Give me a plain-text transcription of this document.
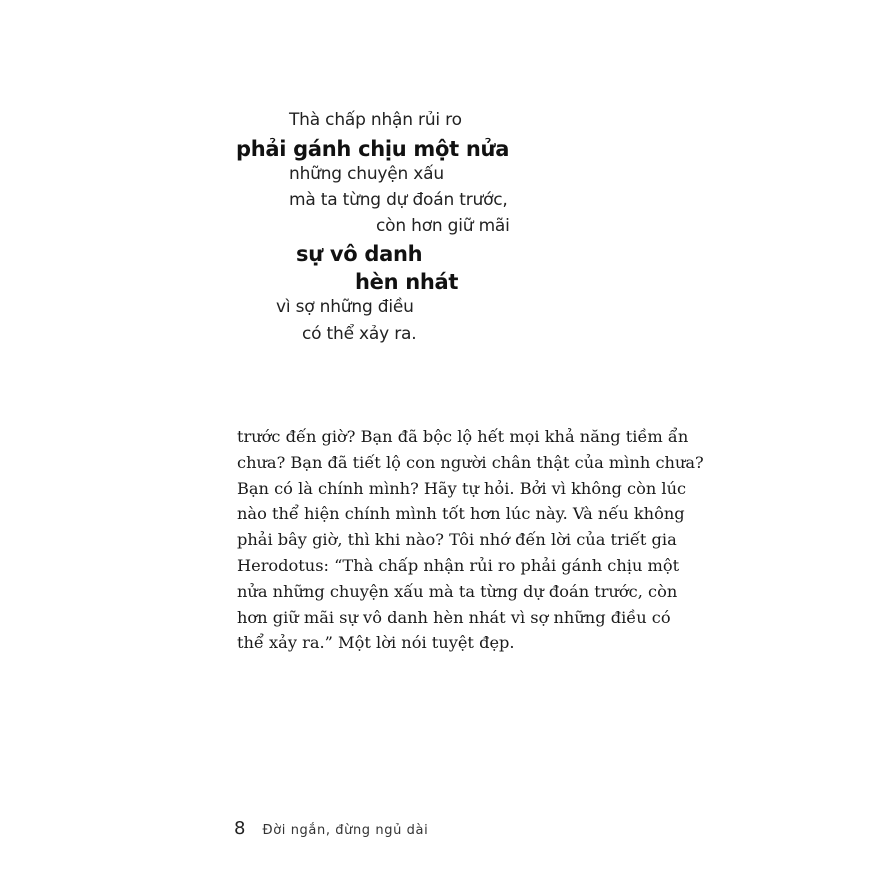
Thà chấp nhận rủi ro
phải gánh chịu một nửa
những chuyện xấu
mà ta từng dự đoán trước,
còn hơn giữ mãi
sự vô danh
hèn nhát
vì sợ những điều
có thể xảy ra.
trước đến giờ? Bạn đã bộc lộ hết mọi khả năng tiềm ẩn
chưa? Bạn đã tiết lộ con người chân thật của mình chưa?
Bạn có là chính mình? Hãy tự hỏi. Bởi vì không còn lúc
nào thể hiện chính mình tốt hơn lúc này. Và nếu không
phải bây giờ, thì khi nào? Tôi nhớ đến lời của triết gia
Herodotus: “Thà chấp nhận rủi ro phải gánh chịu một
nửa những chuyện xấu mà ta từng dự đoán trước, còn
hơn giữ mãi sự vô danh hèn nhát vì sợ những điều có
thể xảy ra.” Một lời nói tuyệt đẹp.
8 Đời ngắn, đừng ngủ dài
